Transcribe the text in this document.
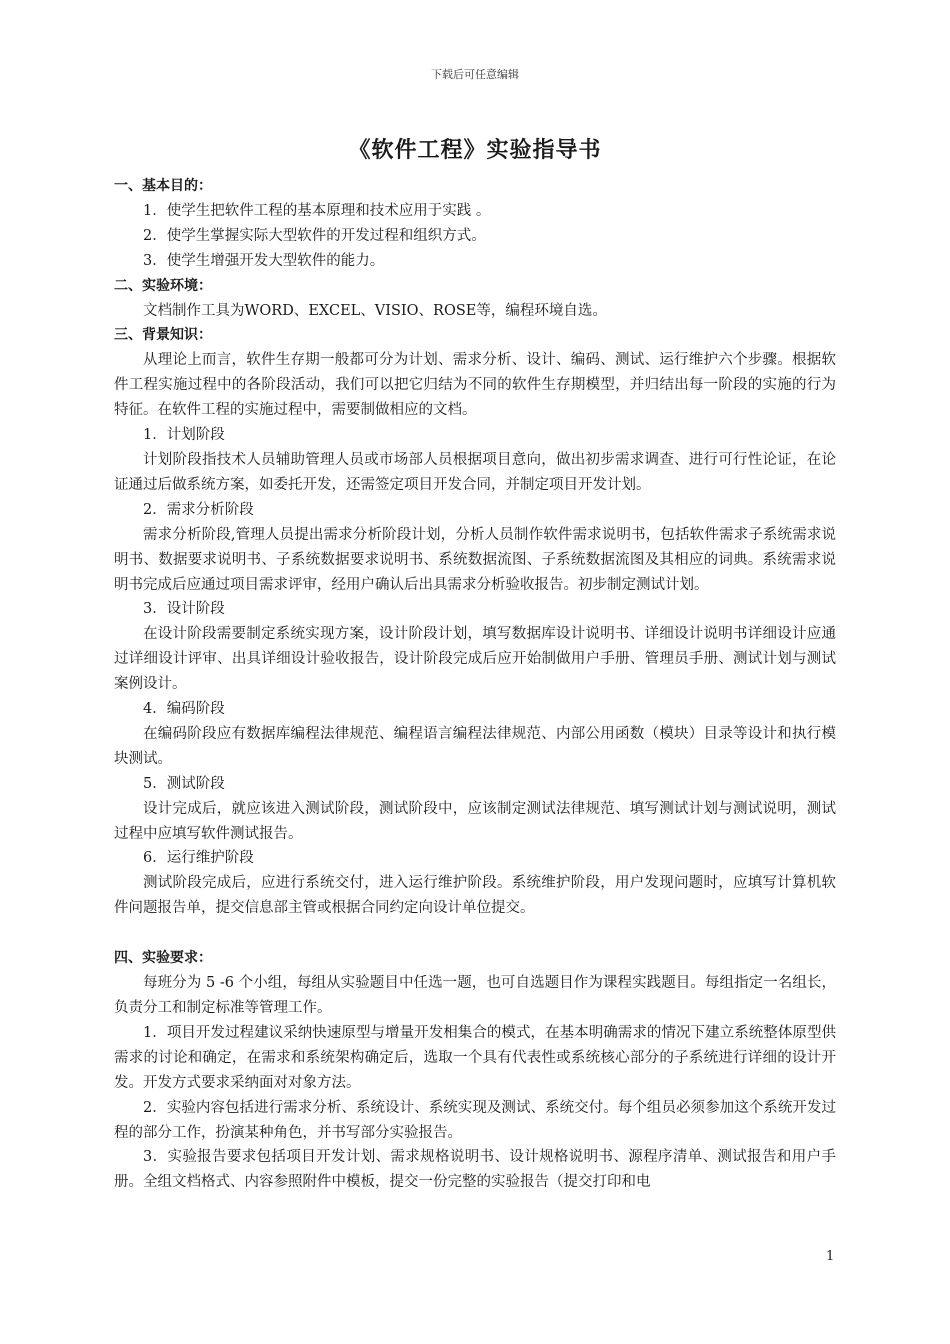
下载后可任意编辑
《软件工程》实验指导书
一、基本目的：

1．使学生把软件工程的基本原理和技术应用于实践 。

2．使学生掌握实际大型软件的开发过程和组织方式。

3．使学生增强开发大型软件的能力。

二、实验环境：

文档制作工具为WORD、EXCEL、VISIO、ROSE等，编程环境自选。

三、背景知识：

从理论上而言，软件生存期一般都可分为计划、需求分析、设计、编码、测试、运行维护六个步骤。根据软件工程实施过程中的各阶段活动，我们可以把它归结为不同的软件生存期模型，并归结出每一阶段的实施的行为特征。在软件工程的实施过程中，需要制做相应的文档。

1．计划阶段

计划阶段指技术人员辅助管理人员或市场部人员根据项目意向，做出初步需求调查、进行可行性论证，在论证通过后做系统方案，如委托开发，还需签定项目开发合同，并制定项目开发计划。

2．需求分析阶段

需求分析阶段,管理人员提出需求分析阶段计划，分析人员制作软件需求说明书，包括软件需求子系统需求说明书、数据要求说明书、子系统数据要求说明书、系统数据流图、子系统数据流图及其相应的词典。系统需求说明书完成后应通过项目需求评审，经用户确认后出具需求分析验收报告。初步制定测试计划。

3．设计阶段

在设计阶段需要制定系统实现方案，设计阶段计划，填写数据库设计说明书、详细设计说明书详细设计应通过详细设计评审、出具详细设计验收报告，设计阶段完成后应开始制做用户手册、管理员手册、测试计划与测试案例设计。

4．编码阶段

在编码阶段应有数据库编程法律规范、编程语言编程法律规范、内部公用函数（模块）目录等设计和执行模块测试。

5．测试阶段

设计完成后，就应该进入测试阶段，测试阶段中，应该制定测试法律规范、填写测试计划与测试说明，测试过程中应填写软件测试报告。

6．运行维护阶段

测试阶段完成后，应进行系统交付，进入运行维护阶段。系统维护阶段，用户发现问题时，应填写计算机软件问题报告单，提交信息部主管或根据合同约定向设计单位提交。

四、实验要求：

每班分为 5 -6 个小组，每组从实验题目中任选一题，也可自选题目作为课程实践题目。每组指定一名组长，负责分工和制定标准等管理工作。

1．项目开发过程建议采纳快速原型与增量开发相集合的模式，在基本明确需求的情况下建立系统整体原型供需求的讨论和确定，在需求和系统架构确定后，选取一个具有代表性或系统核心部分的子系统进行详细的设计开发。开发方式要求采纳面对对象方法。

2．实验内容包括进行需求分析、系统设计、系统实现及测试、系统交付。每个组员必须参加这个系统开发过程的部分工作，扮演某种角色，并书写部分实验报告。

3．实验报告要求包括项目开发计划、需求规格说明书、设计规格说明书、源程序清单、测试报告和用户手册。全组文档格式、内容参照附件中模板，提交一份完整的实验报告（提交打印和电

1
